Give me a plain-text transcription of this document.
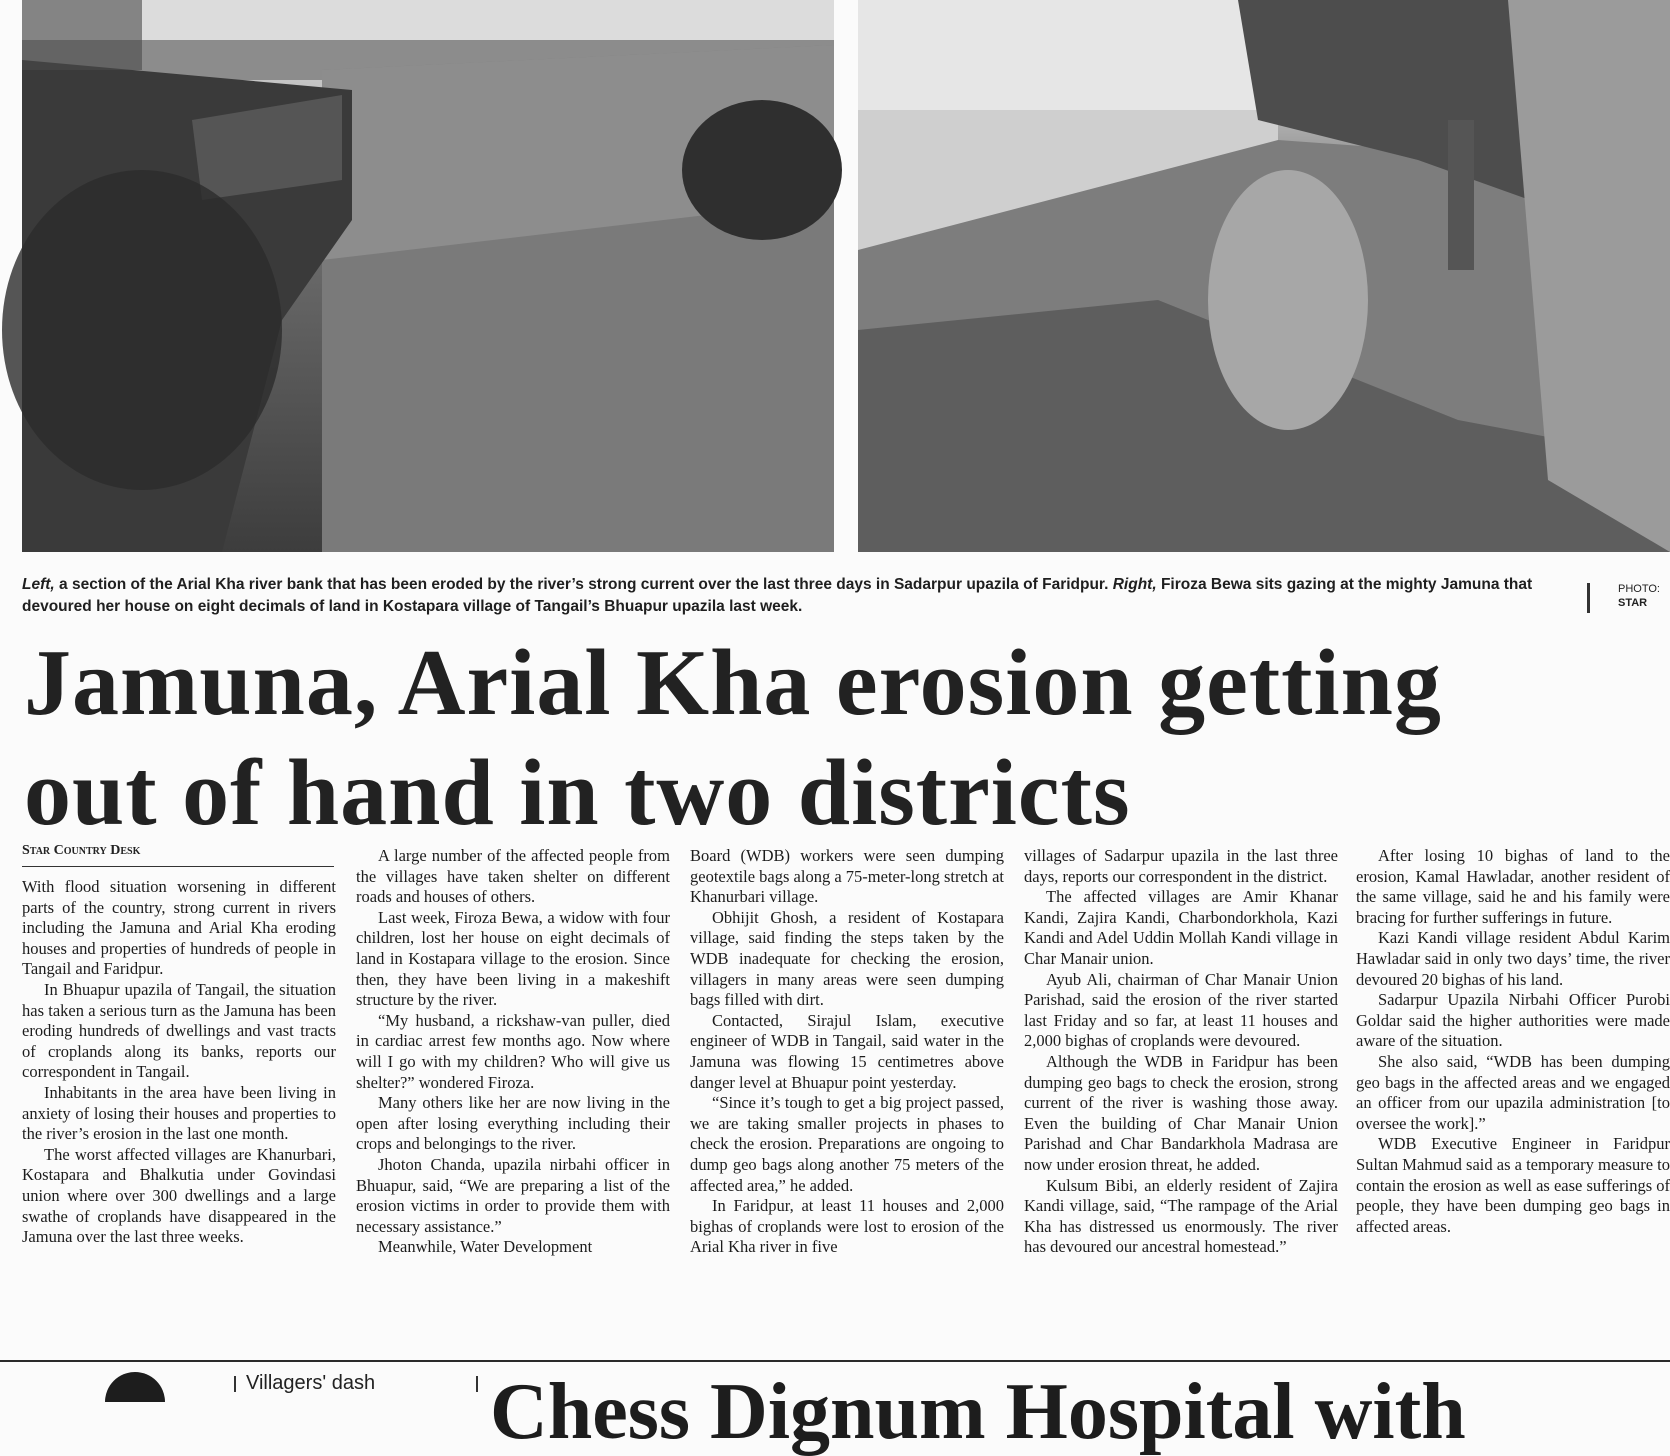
Left, a section of the Arial Kha river bank that has been eroded by the river’s strong current over the last three days in Sadarpur upazila of Faridpur. Right, Firoza Bewa sits gazing at the mighty Jamuna that devoured her house on eight decimals of land in Kostapara village of Tangail’s Bhuapur upazila last week.
PHOTO:
STAR
Jamuna, Arial Kha erosion getting
out of hand in two districts
Star Country Desk

With flood situation worsening in different parts of the country, strong current in rivers including the Jamuna and Arial Kha eroding houses and properties of hundreds of people in Tangail and Faridpur.

In Bhuapur upazila of Tangail, the situation has taken a serious turn as the Jamuna has been eroding hundreds of dwellings and vast tracts of croplands along its banks, reports our correspondent in Tangail.

Inhabitants in the area have been living in anxiety of losing their houses and properties to the river’s erosion in the last one month.

The worst affected villages are Khanurbari, Kostapara and Bhalkutia under Govindasi union where over 300 dwellings and a large swathe of croplands have disappeared in the Jamuna over the last three weeks.

A large number of the affected people from the villages have taken shelter on different roads and houses of others.

Last week, Firoza Bewa, a widow with four children, lost her house on eight decimals of land in Kostapara village to the erosion. Since then, they have been living in a makeshift structure by the river.

“My husband, a rickshaw-van puller, died in cardiac arrest few months ago. Now where will I go with my children? Who will give us shelter?” wondered Firoza.

Many others like her are now living in the open after losing everything including their crops and belongings to the river.

Jhoton Chanda, upazila nirbahi officer in Bhuapur, said, “We are preparing a list of the erosion victims in order to provide them with necessary assistance.”

Meanwhile, Water Development

Board (WDB) workers were seen dumping geotextile bags along a 75-meter-long stretch at Khanurbari village.

Obhijit Ghosh, a resident of Kostapara village, said finding the steps taken by the WDB inadequate for checking the erosion, villagers in many areas were seen dumping bags filled with dirt.

Contacted, Sirajul Islam, executive engineer of WDB in Tangail, said water in the Jamuna was flowing 15 centimetres above danger level at Bhuapur point yesterday.

“Since it’s tough to get a big project passed, we are taking smaller projects in phases to check the erosion. Preparations are ongoing to dump geo bags along another 75 meters of the affected area,” he added.

In Faridpur, at least 11 houses and 2,000 bighas of croplands were lost to erosion of the Arial Kha river in five

villages of Sadarpur upazila in the last three days, reports our correspondent in the district.

The affected villages are Amir Khanar Kandi, Zajira Kandi, Charbondorkhola, Kazi Kandi and Adel Uddin Mollah Kandi village in Char Manair union.

Ayub Ali, chairman of Char Manair Union Parishad, said the erosion of the river started last Friday and so far, at least 11 houses and 2,000 bighas of croplands were devoured.

Although the WDB in Faridpur has been dumping geo bags to check the erosion, strong current of the river is washing those away. Even the building of Char Manair Union Parishad and Char Bandarkhola Madrasa are now under erosion threat, he added.

Kulsum Bibi, an elderly resident of Zajira Kandi village, said, “The rampage of the Arial Kha has distressed us enormously. The river has devoured our ancestral homestead.”

After losing 10 bighas of land to the erosion, Kamal Hawladar, another resident of the same village, said he and his family were bracing for further sufferings in future.

Kazi Kandi village resident Abdul Karim Hawladar said in only two days’ time, the river devoured 20 bighas of his land.

Sadarpur Upazila Nirbahi Officer Purobi Goldar said the higher authorities were made aware of the situation.

She also said, “WDB has been dumping geo bags in the affected areas and we engaged an officer from our upazila administration [to oversee the work].”

WDB Executive Engineer in Faridpur Sultan Mahmud said as a temporary measure to contain the erosion as well as ease sufferings of people, they have been dumping geo bags in affected areas.

Villagers' dash	Chess Dignum Hospital with
